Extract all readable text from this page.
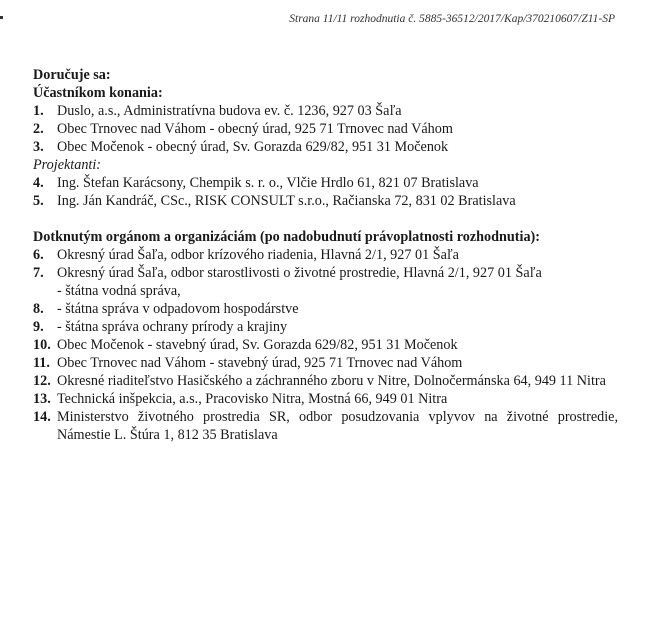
Strana 11/11 rozhodnutia č. 5885-36512/2017/Kap/370210607/Z11-SP
Doručuje sa:
Účastníkom konania:
1. Duslo, a.s., Administratívna budova ev. č. 1236, 927 03 Šaľa
2. Obec Trnovec nad Váhom - obecný úrad, 925 71 Trnovec nad Váhom
3. Obec Močenok - obecný úrad, Sv. Gorazda 629/82, 951 31 Močenok
Projektanti:
4. Ing. Štefan Karácsony, Chempik s. r. o., Vlčie Hrdlo 61, 821 07 Bratislava
5. Ing. Ján Kandráč, CSc., RISK CONSULT s.r.o., Račianska 72, 831 02 Bratislava
Dotknutým orgánom a organizáciám (po nadobudnutí právoplatnosti rozhodnutia):
6. Okresný úrad Šaľa, odbor krízového riadenia, Hlavná 2/1, 927 01 Šaľa
7. Okresný úrad Šaľa, odbor starostlivosti o životné prostredie, Hlavná 2/1, 927 01 Šaľa
- štátna vodná správa,
8. - štátna správa v odpadovom hospodárstve
9. - štátna správa ochrany prírody a krajiny
10. Obec Močenok - stavebný úrad, Sv. Gorazda 629/82, 951 31 Močenok
11. Obec Trnovec nad Váhom - stavebný úrad, 925 71 Trnovec nad Váhom
12. Okresné riaditeľstvo Hasičského a záchranného zboru v Nitre, Dolnočermánska 64, 949 11 Nitra
13. Technická inšpekcia, a.s., Pracovisko Nitra, Mostná 66, 949 01 Nitra
14. Ministerstvo životného prostredia SR, odbor posudzovania vplyvov na životné prostredie, Námestie L. Štúra 1, 812 35 Bratislava
